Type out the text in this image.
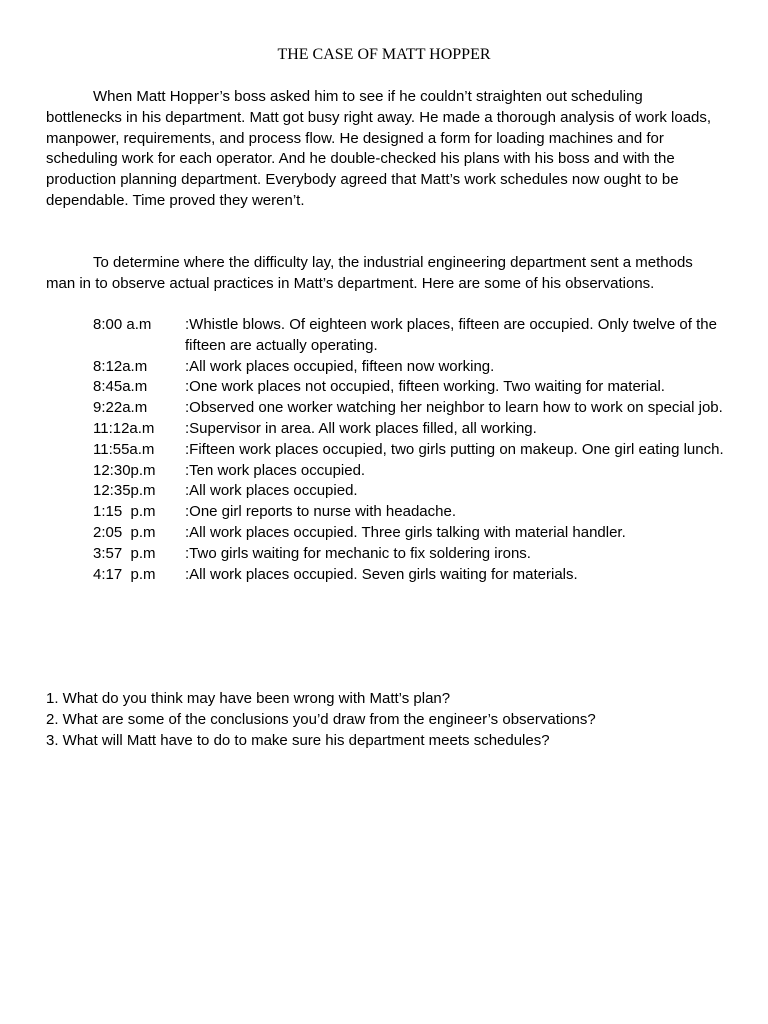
THE CASE OF MATT HOPPER

When Matt Hopper’s boss asked him to see if he couldn’t straighten out scheduling bottlenecks in his department. Matt got busy right away. He made a thorough analysis of work loads, manpower, requirements, and process flow. He designed a form for loading machines and for scheduling work for each operator. And he double-checked his plans with his boss and with the production planning department. Everybody agreed that Matt’s work schedules now ought to be dependable. Time proved they weren’t.

To determine where the difficulty lay, the industrial engineering department sent a methods man in to observe actual practices in Matt’s department. Here are some of his observations.

8:00 a.m	:Whistle blows. Of eighteen work places, fifteen are occupied. Only twelve of the fifteen are actually operating.
8:12a.m	:All work places occupied, fifteen now working.
8:45a.m	:One work places not occupied, fifteen working. Two waiting for material.
9:22a.m	:Observed one worker watching her neighbor to learn how to work on special job.
11:12a.m	:Supervisor in area. All work places filled, all working.
11:55a.m	:Fifteen work places occupied, two girls putting on makeup. One girl eating lunch.
12:30p.m	:Ten work places occupied.
12:35p.m	:All work places occupied.
1:15  p.m	:One girl reports to nurse with headache.
2:05  p.m	:All work places occupied. Three girls talking with material handler.
3:57  p.m	:Two girls waiting for mechanic to fix soldering irons.
4:17  p.m	:All work places occupied. Seven girls waiting for materials.
1. What do you think may have been wrong with Matt’s plan?
2. What are some of the conclusions you’d draw from the engineer’s observations?
3. What will Matt have to do to make sure his department meets schedules?
